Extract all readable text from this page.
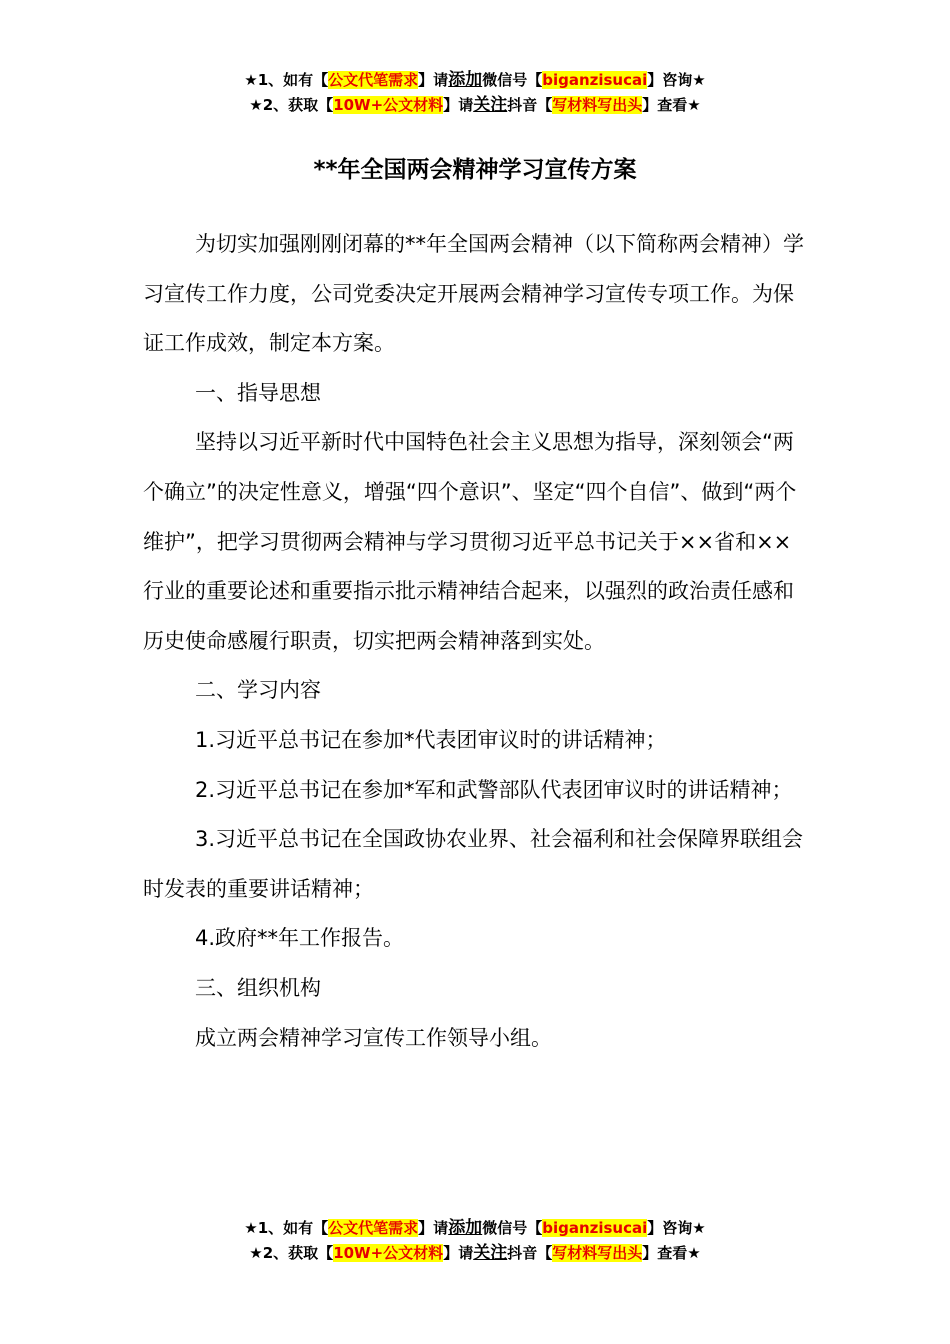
★1、如有【公文代笔需求】请添加微信号【biganzisucai】咨询★
★2、获取【10W+公文材料】请关注抖音【写材料写出头】查看★
**年全国两会精神学习宣传方案

为切实加强刚刚闭幕的**年全国两会精神（以下简称两会精神）学习宣传工作力度，公司党委决定开展两会精神学习宣传专项工作。为保证工作成效，制定本方案。

一、指导思想

坚持以习近平新时代中国特色社会主义思想为指导，深刻领会“两个确立”的决定性意义，增强“四个意识”、坚定“四个自信”、做到“两个维护”，把学习贯彻两会精神与学习贯彻习近平总书记关于××省和××行业的重要论述和重要指示批示精神结合起来，以强烈的政治责任感和历史使命感履行职责，切实把两会精神落到实处。

二、学习内容

1.习近平总书记在参加*代表团审议时的讲话精神；

2.习近平总书记在参加*军和武警部队代表团审议时的讲话精神；

3.习近平总书记在全国政协农业界、社会福利和社会保障界联组会时发表的重要讲话精神；

4.政府**年工作报告。

三、组织机构

成立两会精神学习宣传工作领导小组。

★1、如有【公文代笔需求】请添加微信号【biganzisucai】咨询★
★2、获取【10W+公文材料】请关注抖音【写材料写出头】查看★
